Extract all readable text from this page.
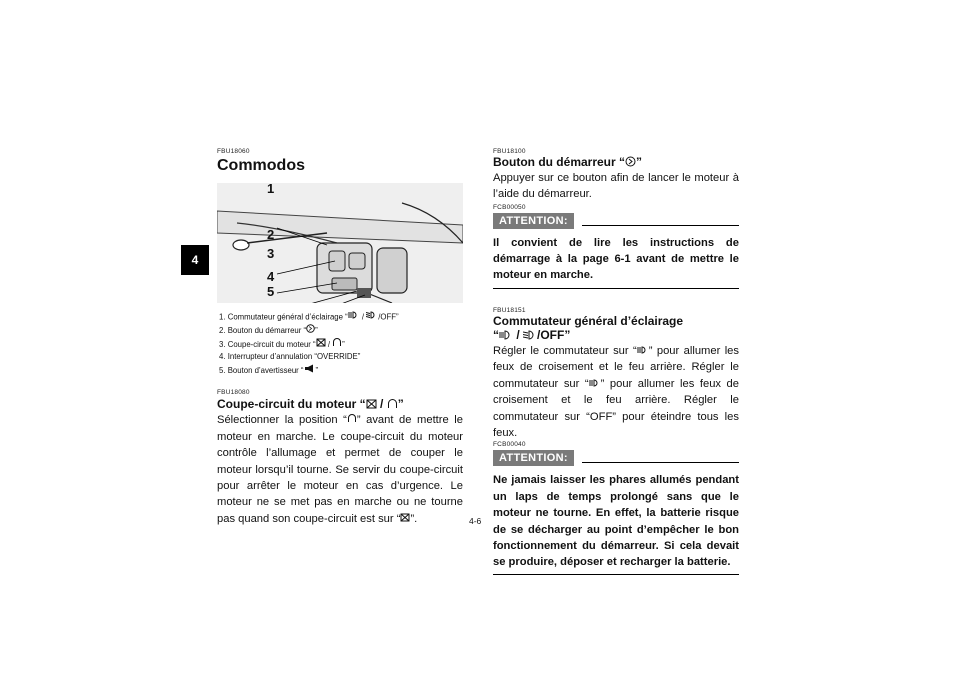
4
FBU18060
Commodos
1
2
3
4
5
1. Commutateur général d’éclairage “ / /OFF”
2. Bouton du démarreur “ ”
3. Coupe-circuit du moteur “ / ”
4. Interrupteur d’annulation “OVERRIDE”
5. Bouton d’avertisseur “ ”
FBU18080
Coupe-circuit du moteur “ / ”
Sélectionner la position “ ” avant de mettre le moteur en marche. Le coupe-circuit du moteur contrôle l’allumage et permet de couper le moteur lorsqu’il tourne. Se servir du coupe-circuit pour arrêter le moteur en cas d’urgence. Le moteur ne se met pas en marche ou ne tourne pas quand son coupe-circuit est sur “ ”.
FBU18100
Bouton du démarreur “ ”
Appuyer sur ce bouton afin de lancer le moteur à l’aide du démarreur.
FCB00050
ATTENTION:
Il convient de lire les instructions de démarrage à la page 6-1 avant de mettre le moteur en marche.
FBU18151
Commutateur général d’éclairage
“ / /OFF”
Régler le commutateur sur “ ” pour allumer les feux de croisement et le feu arrière. Régler le commutateur sur “ ” pour allumer les feux de croisement et le feu arrière. Régler le commutateur sur “OFF” pour éteindre tous les feux.
FCB00040
ATTENTION:
Ne jamais laisser les phares allumés pendant un laps de temps prolongé sans que le moteur ne tourne. En effet, la batterie risque de se décharger au point d’empêcher le bon fonctionnement du démarreur. Si cela devait se produire, déposer et recharger la batterie.
4-6
